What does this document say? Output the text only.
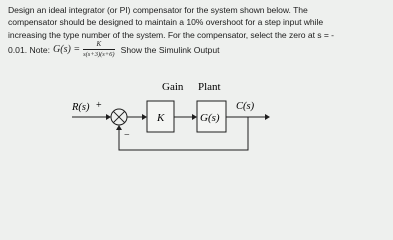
Design an ideal integrator (or PI) compensator for the system shown below. The
compensator should be designed to maintain a 10% overshoot for a step input while
increasing the type number of the system. For the compensator, select the zero at s = -
0.01. Note: $G(s) = \frac{K}{s(s+3)(s+6)}$ Show the Simulink Output
Gain Plant
R(s) +
−
K	G(s)
C(s)
